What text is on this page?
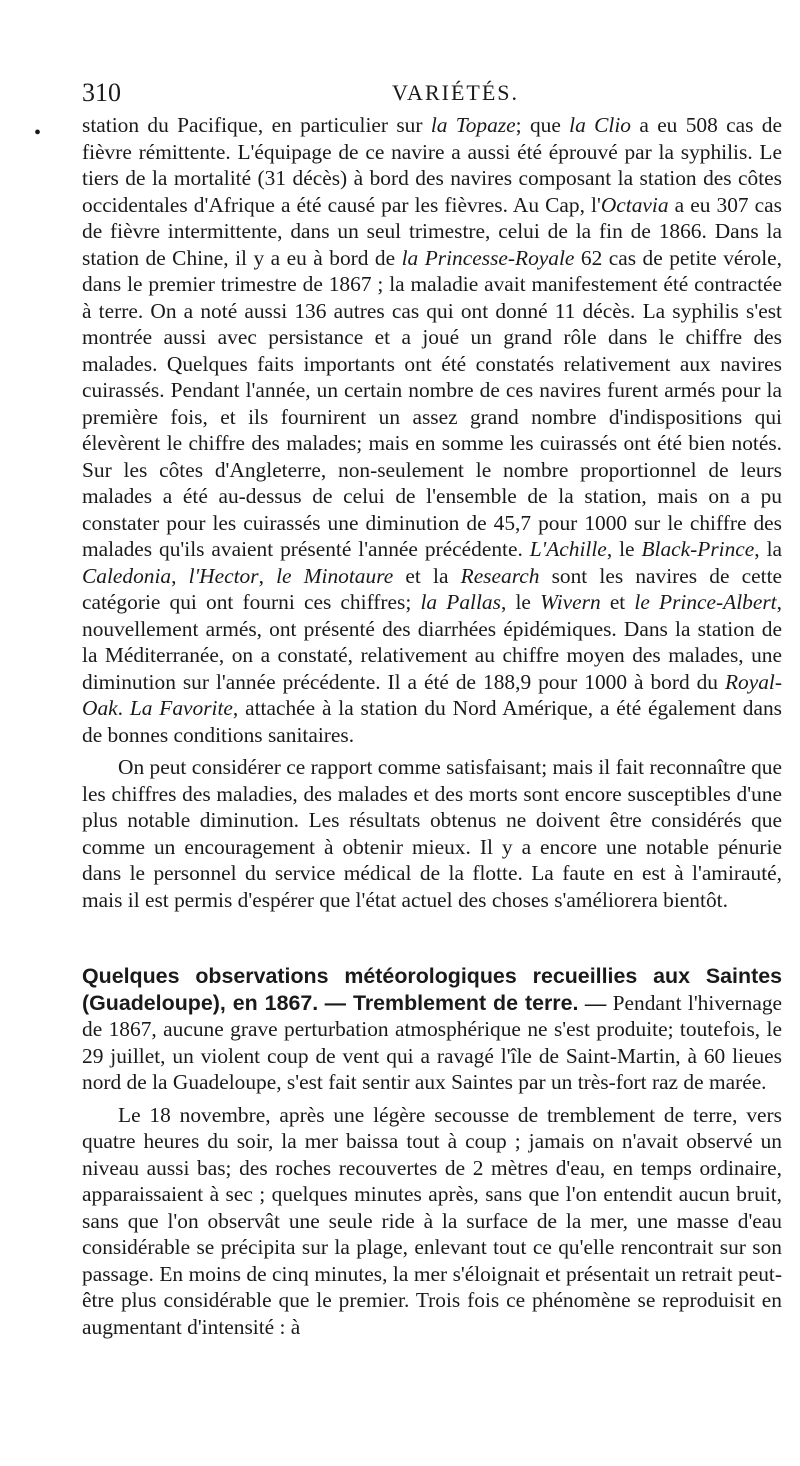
310	VARIÉTÉS.
• station du Pacifique, en particulier sur la Topaze; que la Clio a eu 508 cas de fièvre rémittente. L'équipage de ce navire a aussi été éprouvé par la syphilis. Le tiers de la mortalité (31 décès) à bord des navires composant la station des côtes occidentales d'Afrique a été causé par les fièvres. Au Cap, l'Octavia a eu 307 cas de fièvre intermittente, dans un seul trimestre, celui de la fin de 1866. Dans la station de Chine, il y a eu à bord de la Princesse-Royale 62 cas de petite vérole, dans le premier trimestre de 1867 ; la maladie avait manifestement été contractée à terre. On a noté aussi 136 autres cas qui ont donné 11 décès. La syphilis s'est montrée aussi avec persistance et a joué un grand rôle dans le chiffre des malades. Quelques faits importants ont été constatés relativement aux navires cuirassés. Pendant l'année, un certain nombre de ces navires furent armés pour la première fois, et ils fournirent un assez grand nombre d'indispositions qui élevèrent le chiffre des malades; mais en somme les cuirassés ont été bien notés. Sur les côtes d'Angleterre, non-seulement le nombre proportionnel de leurs malades a été au-dessus de celui de l'ensemble de la station, mais on a pu constater pour les cuirassés une diminution de 45,7 pour 1000 sur le chiffre des malades qu'ils avaient présenté l'année précédente. L'Achille, le Black-Prince, la Caledonia, l'Hector, le Minotaure et la Research sont les navires de cette catégorie qui ont fourni ces chiffres; la Pallas, le Wivern et le Prince-Albert, nouvellement armés, ont présenté des diarrhées épidémiques. Dans la station de la Méditerranée, on a constaté, relativement au chiffre moyen des malades, une diminution sur l'année précédente. Il a été de 188,9 pour 1000 à bord du Royal-Oak. La Favorite, attachée à la station du Nord Amérique, a été également dans de bonnes conditions sanitaires.

On peut considérer ce rapport comme satisfaisant; mais il fait reconnaître que les chiffres des maladies, des malades et des morts sont encore susceptibles d'une plus notable diminution. Les résultats obtenus ne doivent être considérés que comme un encouragement à obtenir mieux. Il y a encore une notable pénurie dans le personnel du service médical de la flotte. La faute en est à l'amirauté, mais il est permis d'espérer que l'état actuel des choses s'améliorera bientôt.

Quelques observations météorologiques recueillies aux Saintes (Guadeloupe), en 1867. — Tremblement de terre. — Pendant l'hivernage de 1867, aucune grave perturbation atmosphérique ne s'est produite; toutefois, le 29 juillet, un violent coup de vent qui a ravagé l'île de Saint-Martin, à 60 lieues nord de la Guadeloupe, s'est fait sentir aux Saintes par un très-fort raz de marée.

Le 18 novembre, après une légère secousse de tremblement de terre, vers quatre heures du soir, la mer baissa tout à coup ; jamais on n'avait observé un niveau aussi bas; des roches recouvertes de 2 mètres d'eau, en temps ordinaire, apparaissaient à sec ; quelques minutes après, sans que l'on entendit aucun bruit, sans que l'on observât une seule ride à la surface de la mer, une masse d'eau considérable se précipita sur la plage, enlevant tout ce qu'elle rencontrait sur son passage. En moins de cinq minutes, la mer s'éloignait et présentait un retrait peut-être plus considérable que le premier. Trois fois ce phénomène se reproduisit en augmentant d'intensité : à
